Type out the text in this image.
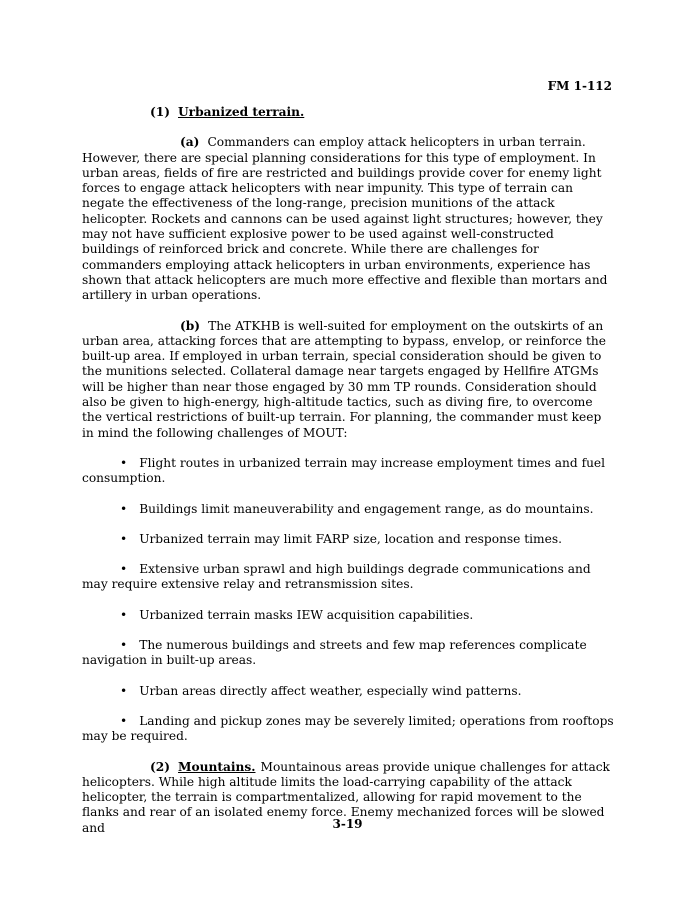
FM 1-112

(1) Urbanized terrain.

(a) Commanders can employ attack helicopters in urban terrain. However, there are special planning considerations for this type of employment. In urban areas, fields of fire are restricted and buildings provide cover for enemy light forces to engage attack helicopters with near impunity. This type of terrain can negate the effectiveness of the long-range, precision munitions of the attack helicopter. Rockets and cannons can be used against light structures; however, they may not have sufficient explosive power to be used against well-constructed buildings of reinforced brick and concrete. While there are challenges for commanders employing attack helicopters in urban environments, experience has shown that attack helicopters are much more effective and flexible than mortars and artillery in urban operations.

(b) The ATKHB is well-suited for employment on the outskirts of an urban area, attacking forces that are attempting to bypass, envelop, or reinforce the built-up area. If employed in urban terrain, special consideration should be given to the munitions selected. Collateral damage near targets engaged by Hellfire ATGMs will be higher than near those engaged by 30 mm TP rounds. Consideration should also be given to high-energy, high-altitude tactics, such as diving fire, to overcome the vertical restrictions of built-up terrain. For planning, the commander must keep in mind the following challenges of MOUT:

• Flight routes in urbanized terrain may increase employment times and fuel consumption.

• Buildings limit maneuverability and engagement range, as do mountains.

• Urbanized terrain may limit FARP size, location and response times.

• Extensive urban sprawl and high buildings degrade communications and may require extensive relay and retransmission sites.

• Urbanized terrain masks IEW acquisition capabilities.

• The numerous buildings and streets and few map references complicate navigation in built-up areas.

• Urban areas directly affect weather, especially wind patterns.

• Landing and pickup zones may be severely limited; operations from rooftops may be required.

(2) Mountains. Mountainous areas provide unique challenges for attack helicopters. While high altitude limits the load-carrying capability of the attack helicopter, the terrain is compartmentalized, allowing for rapid movement to the flanks and rear of an isolated enemy force. Enemy mechanized forces will be slowed and	3-19
